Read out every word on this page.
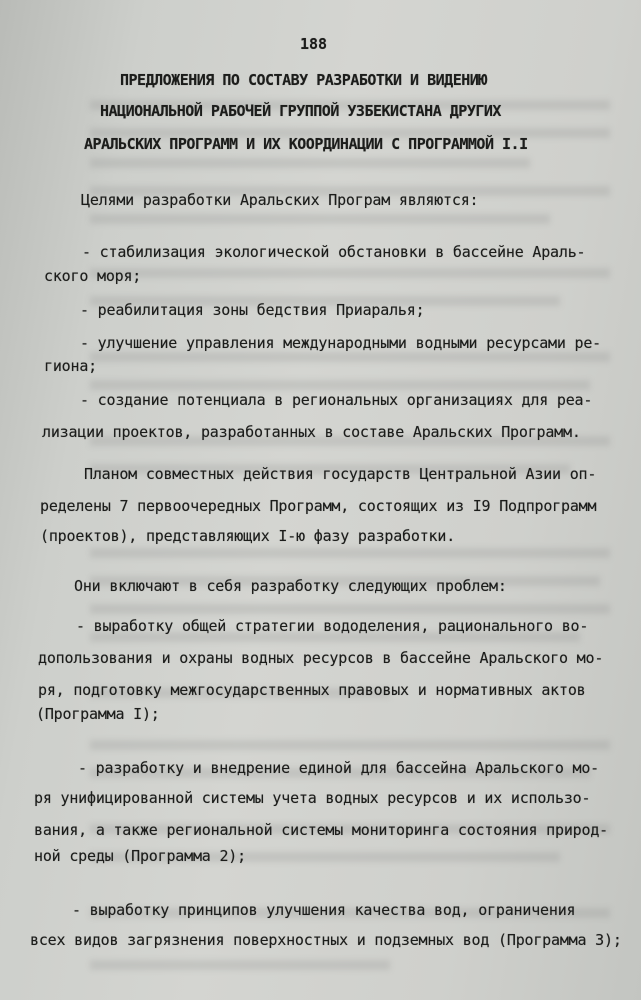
188
ПРЕДЛОЖЕНИЯ ПО СОСТАВУ РАЗРАБОТКИ И ВИДЕНИЮ
НАЦИОНАЛЬНОЙ РАБОЧЕЙ ГРУППОЙ УЗБЕКИСТАНА ДРУГИХ
АРАЛЬСКИХ ПРОГРАММ И ИХ КООРДИНАЦИИ С ПРОГРАММОЙ I.I
Целями разработки Аральских Програм являются:
- стабилизация экологической обстановки в бассейне Араль-
ского моря;
- реабилитация зоны бедствия Приаралья;
- улучшение управления международными водными ресурсами ре-
гиона;
- создание потенциала в региональных организациях для реа-
лизации проектов, разработанных в составе Аральских Программ.
Планом совместных действия государств Центральной Азии оп-
ределены 7 первоочередных Программ, состоящих из I9 Подпрограмм
(проектов), представляющих I-ю фазу разработки.
Они включают в себя разработку следующих проблем:
- выработку общей стратегии вододеления, рационального во-
допользования и охраны водных ресурсов в бассейне Аральского мо-
ря, подготовку межгосударственных правовых и нормативных актов
(Программа I);
- разработку и внедрение единой для бассейна Аральского мо-
ря унифицированной системы учета водных ресурсов и их использо-
вания, а также региональной системы мониторинга состояния природ-
ной среды (Программа 2);
- выработку принципов улучшения качества вод, ограничения
всех видов загрязнения поверхностных и подземных вод (Программа 3);
